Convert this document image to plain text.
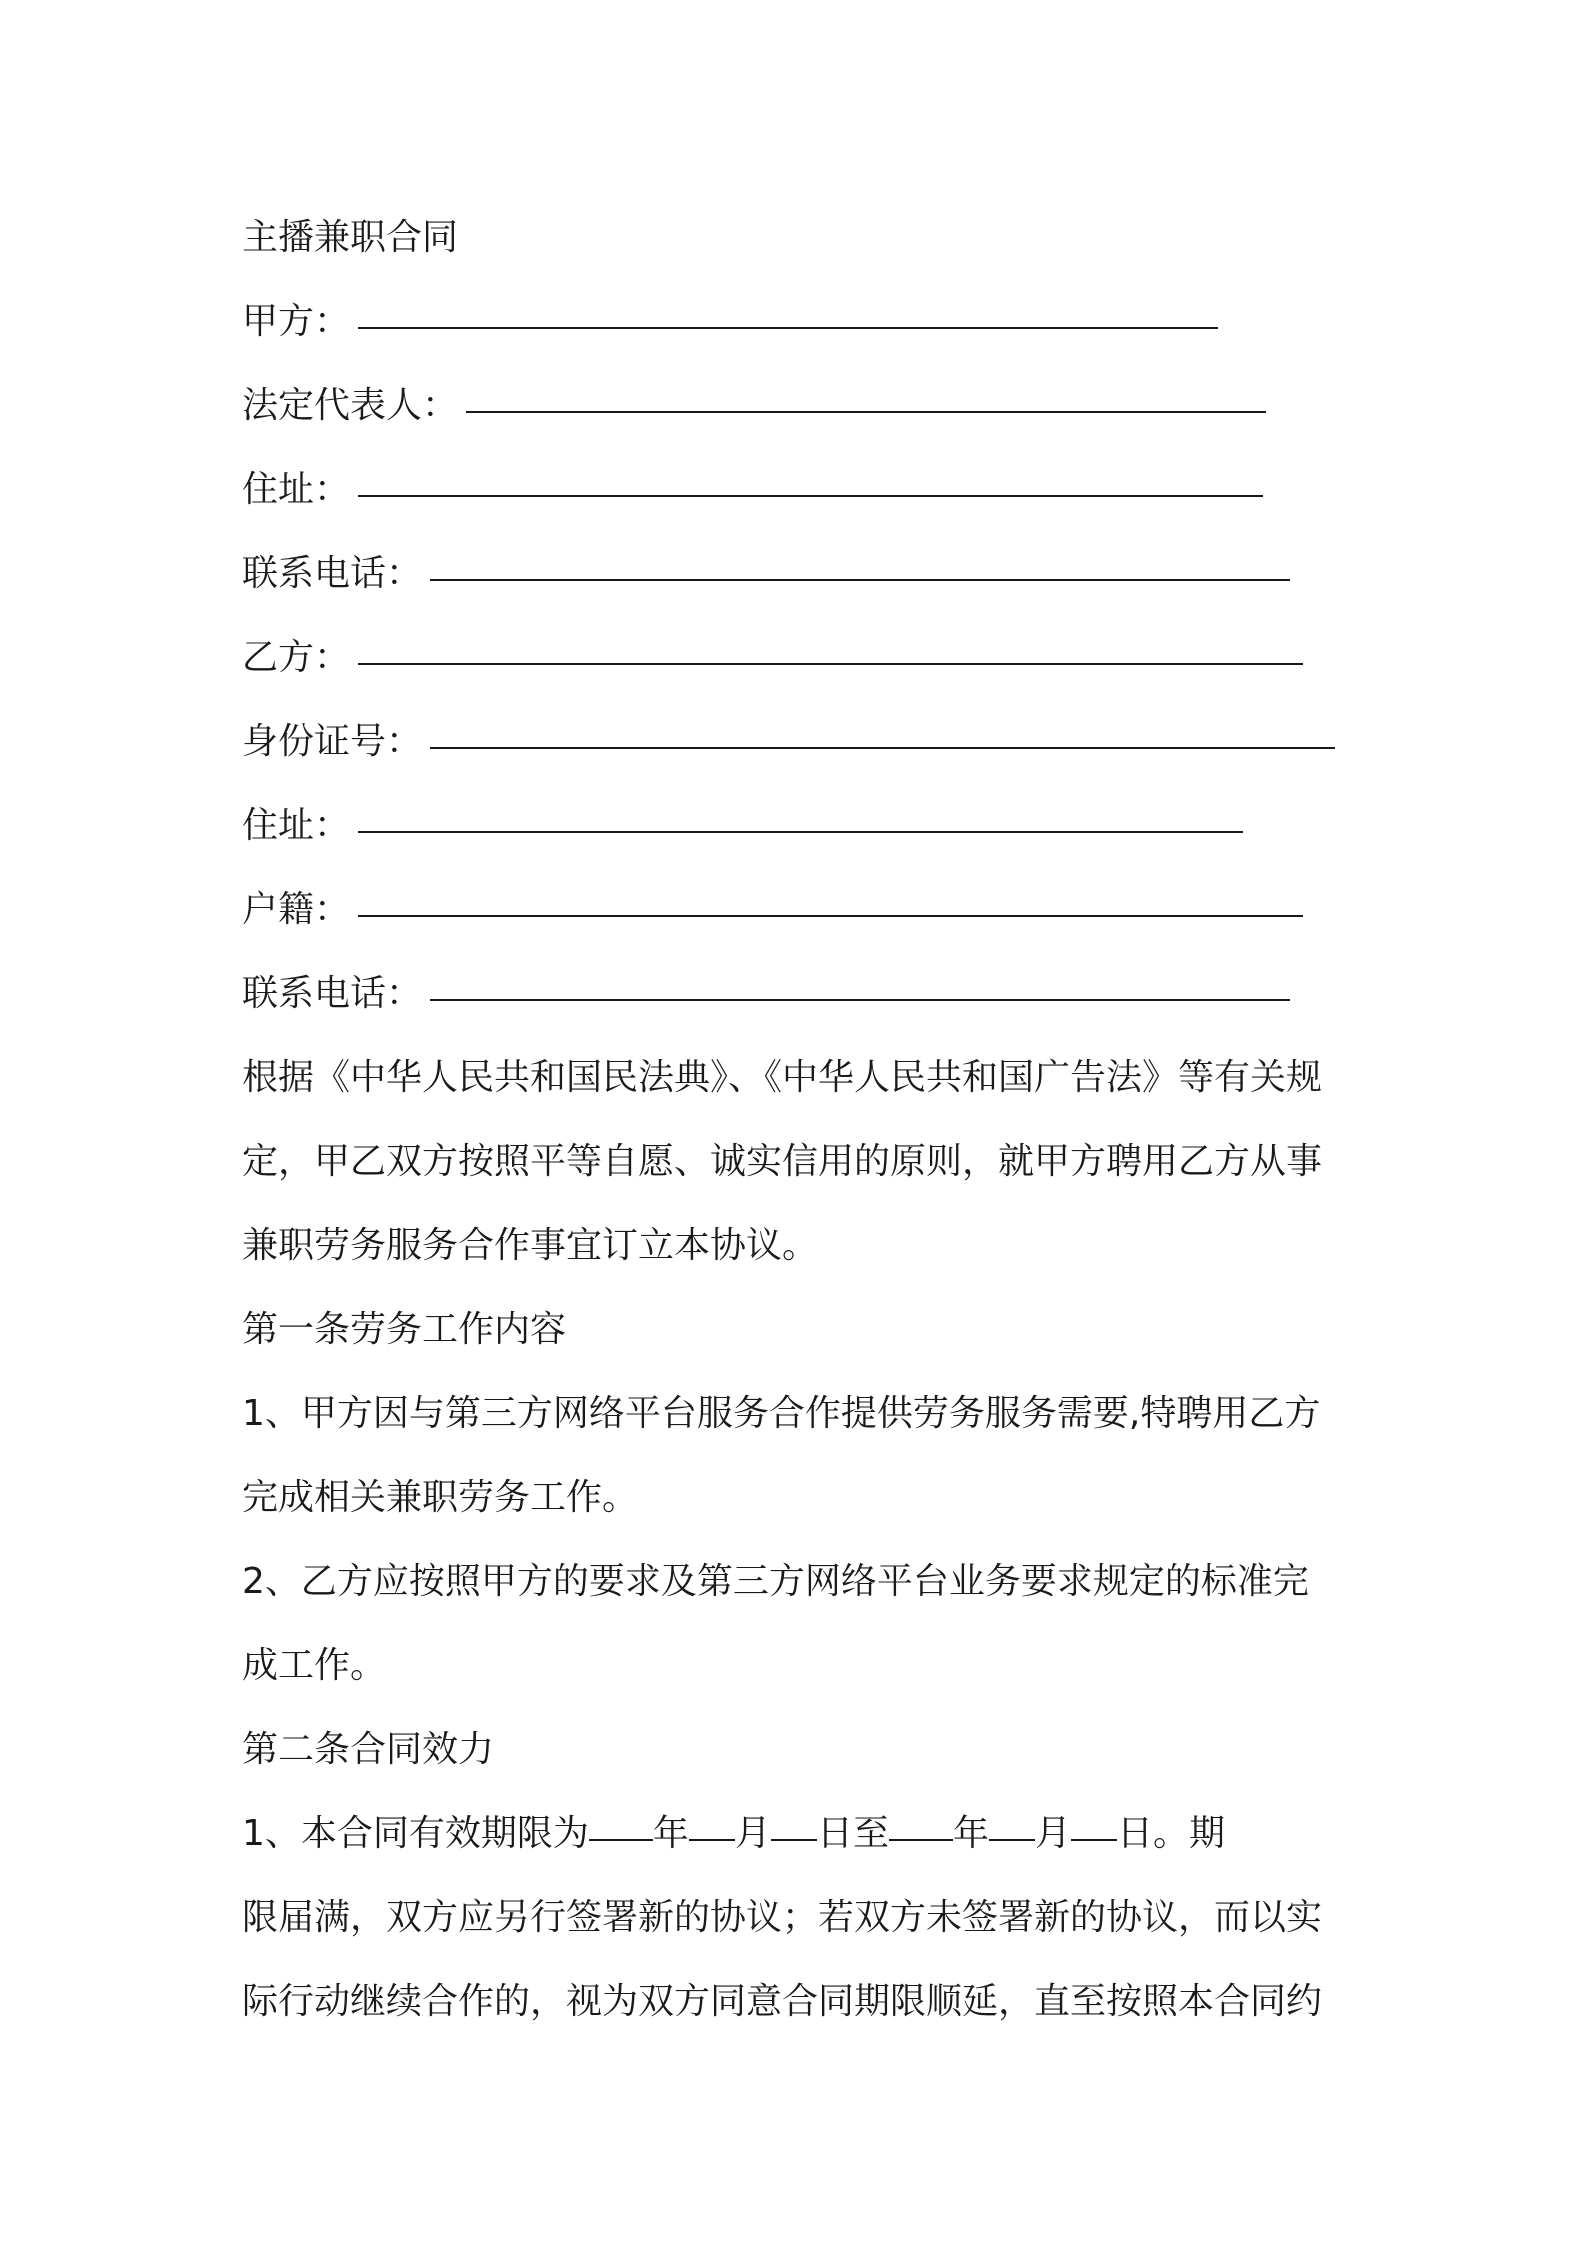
主播兼职合同
甲方：
法定代表人：
住址：
联系电话：
乙方：
身份证号：
住址：
户籍：
联系电话：
根据《中华人民共和国民法典》、《中华人民共和国广告法》等有关规
定，甲乙双方按照平等自愿、诚实信用的原则，就甲方聘用乙方从事
兼职劳务服务合作事宜订立本协议。
第一条劳务工作内容
1、甲方因与第三方网络平台服务合作提供劳务服务需要,特聘用乙方
完成相关兼职劳务工作。
2、乙方应按照甲方的要求及第三方网络平台业务要求规定的标准完
成工作。
第二条合同效力
1、本合同有效期限为 年 月 日至 年 月 日。期
限届满，双方应另行签署新的协议；若双方未签署新的协议，而以实
际行动继续合作的，视为双方同意合同期限顺延，直至按照本合同约
